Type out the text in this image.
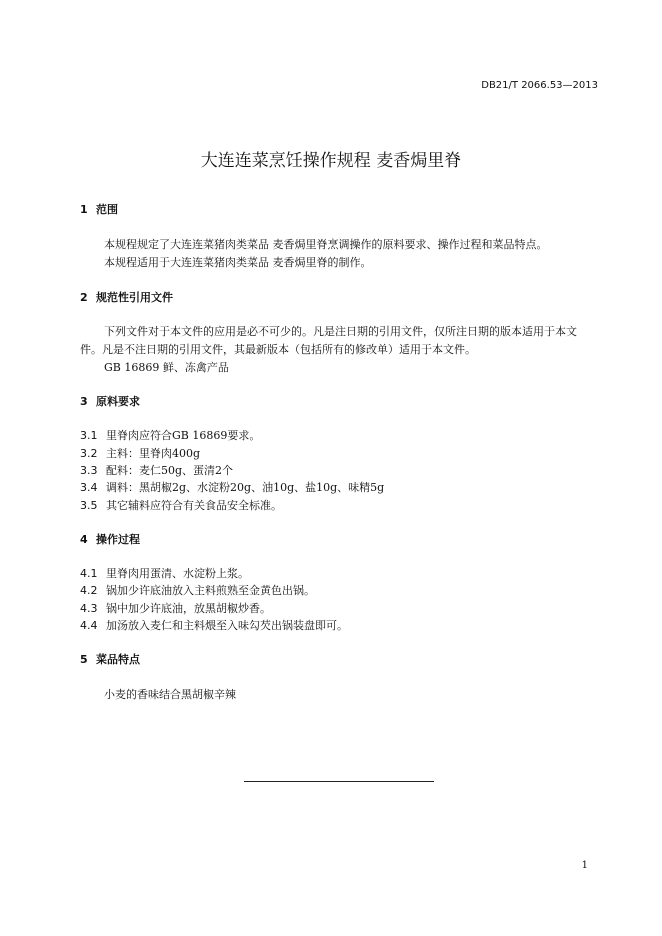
DB21/T 2066.53—2013
大连连菜烹饪操作规程 麦香焗里脊
1 范围
本规程规定了大连连菜猪肉类菜品 麦香焗里脊烹调操作的原料要求、操作过程和菜品特点。
本规程适用于大连连菜猪肉类菜品 麦香焗里脊的制作。
2 规范性引用文件
下列文件对于本文件的应用是必不可少的。凡是注日期的引用文件，仅所注日期的版本适用于本文
件。凡是不注日期的引用文件，其最新版本（包括所有的修改单）适用于本文件。
GB 16869 鲜、冻禽产品
3 原料要求
3.1 里脊肉应符合GB 16869要求。
3.2 主料：里脊肉400g
3.3 配料：麦仁50g、蛋清2个
3.4 调料：黑胡椒2g、水淀粉20g、油10g、盐10g、味精5g
3.5 其它辅料应符合有关食品安全标准。
4 操作过程
4.1 里脊肉用蛋清、水淀粉上浆。
4.2 锅加少许底油放入主料煎熟至金黄色出锅。
4.3 锅中加少许底油，放黑胡椒炒香。
4.4 加汤放入麦仁和主料煨至入味勾芡出锅装盘即可。
5 菜品特点
小麦的香味结合黑胡椒辛辣
1
